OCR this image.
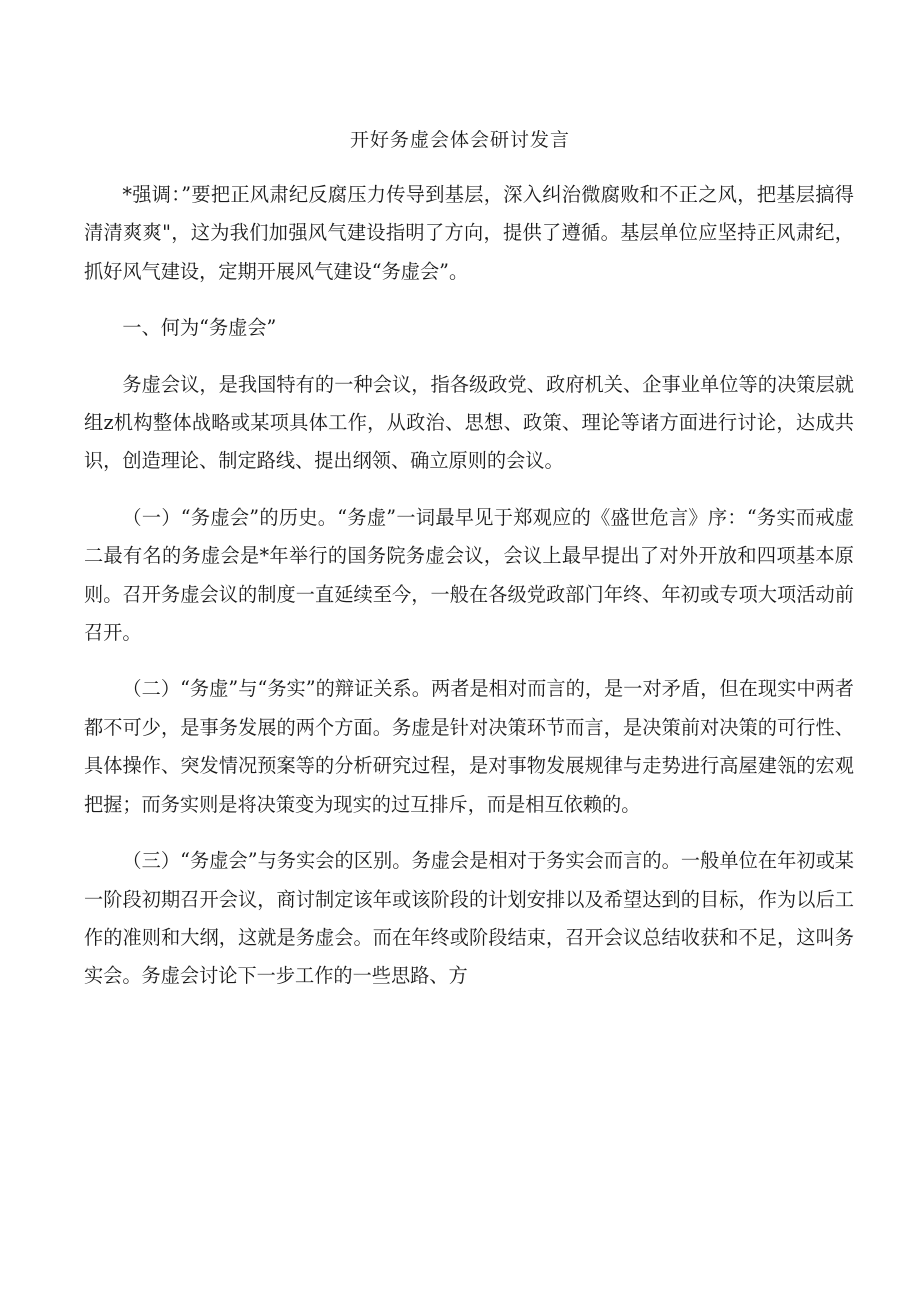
开好务虚会体会研讨发言

*强调：”要把正风肃纪反腐压力传导到基层，深入纠治微腐败和不正之风，把基层搞得清清爽爽"，这为我们加强风气建设指明了方向，提供了遵循。基层单位应坚持正风肃纪，抓好风气建设，定期开展风气建设“务虚会”。

一、何为“务虚会”

务虚会议，是我国特有的一种会议，指各级政党、政府机关、企事业单位等的决策层就组z机构整体战略或某项具体工作，从政治、思想、政策、理论等诸方面进行讨论，达成共识，创造理论、制定路线、提出纲领、确立原则的会议。

（一）“务虚会”的历史。“务虚”一词最早见于郑观应的《盛世危言》序：“务实而戒虚二最有名的务虚会是*年举行的国务院务虚会议，会议上最早提出了对外开放和四项基本原则。召开务虚会议的制度一直延续至今，一般在各级党政部门年终、年初或专项大项活动前召开。

（二）“务虚”与“务实”的辩证关系。两者是相对而言的，是一对矛盾，但在现实中两者都不可少，是事务发展的两个方面。务虚是针对决策环节而言，是决策前对决策的可行性、具体操作、突发情况预案等的分析研究过程，是对事物发展规律与走势进行高屋建瓴的宏观把握；而务实则是将决策变为现实的过互排斥，而是相互依赖的。

（三）“务虚会”与务实会的区别。务虚会是相对于务实会而言的。一般单位在年初或某一阶段初期召开会议，商讨制定该年或该阶段的计划安排以及希望达到的目标，作为以后工作的准则和大纲，这就是务虚会。而在年终或阶段结束，召开会议总结收获和不足，这叫务实会。务虚会讨论下一步工作的一些思路、方
